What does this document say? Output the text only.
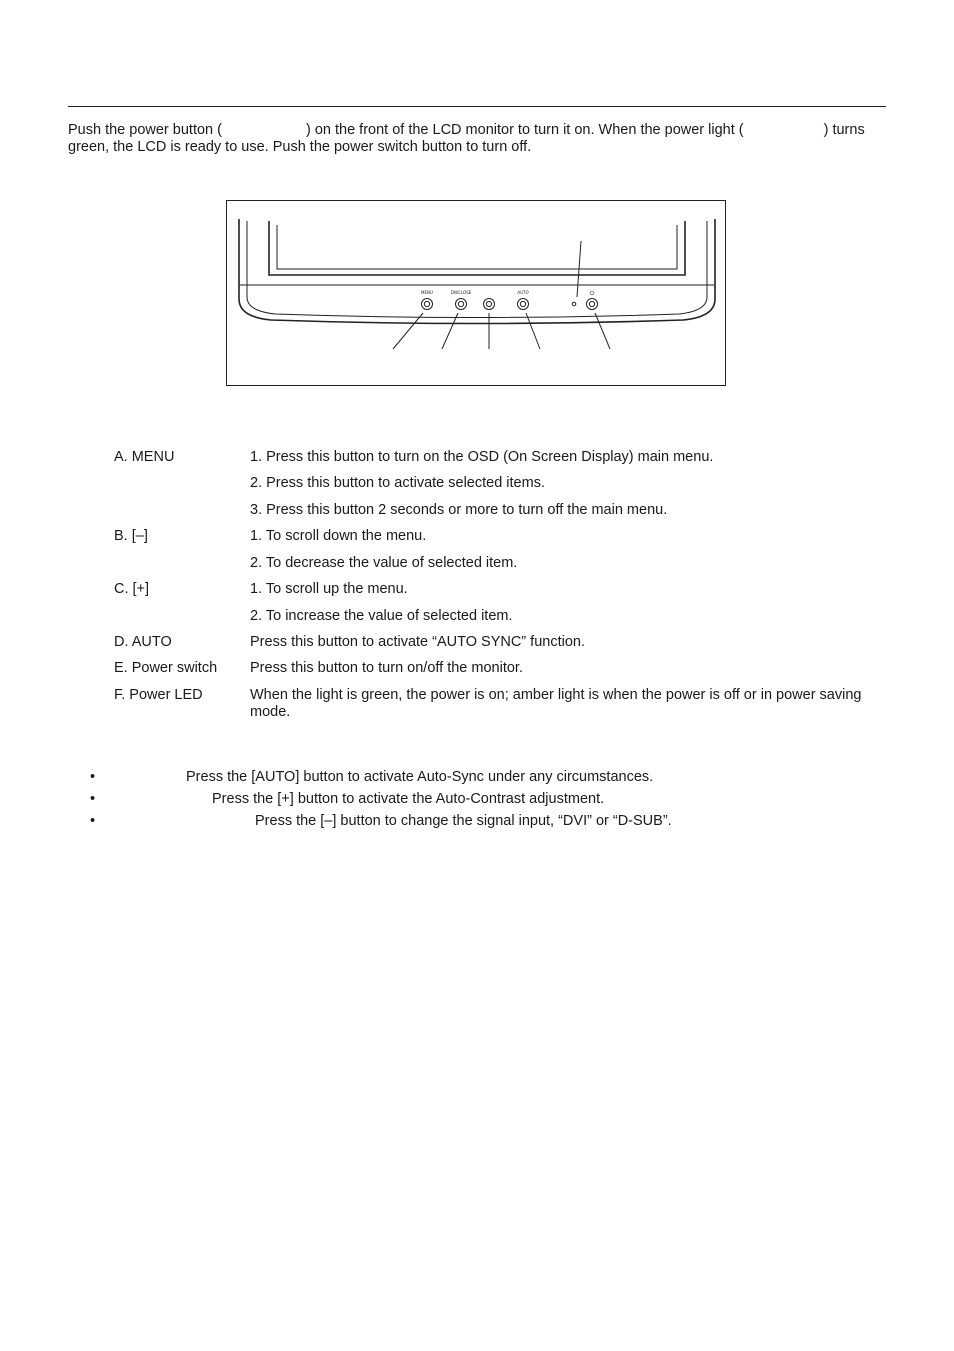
Push the power button (	) on the front of the LCD monitor to turn it on. When the power light (	) turns green, the LCD is ready to use. Push the power switch button to turn off.
MENU	DN/CLOSE	AUTO	⏻
A. MENU	1. Press this button to turn on the OSD (On Screen Display) main menu.
2. Press this button to activate selected items.
3. Press this button 2 seconds or more to turn off the main menu.
B. [–]	1. To scroll down the menu.
2. To decrease the value of selected item.
C. [+]	1. To scroll up the menu.
2. To increase the value of selected item.
D. AUTO	Press this button to activate “AUTO SYNC” function.
E. Power switch	Press this button to turn on/off the monitor.
F. Power LED	When the light is green, the power is on; amber light is when the power is off or in power saving mode.
•	Press the [AUTO] button to activate Auto-Sync under any circumstances.
•	Press the [+] button to activate the Auto-Contrast adjustment.
•	Press the [–] button to change the signal input, “DVI” or “D-SUB”.
